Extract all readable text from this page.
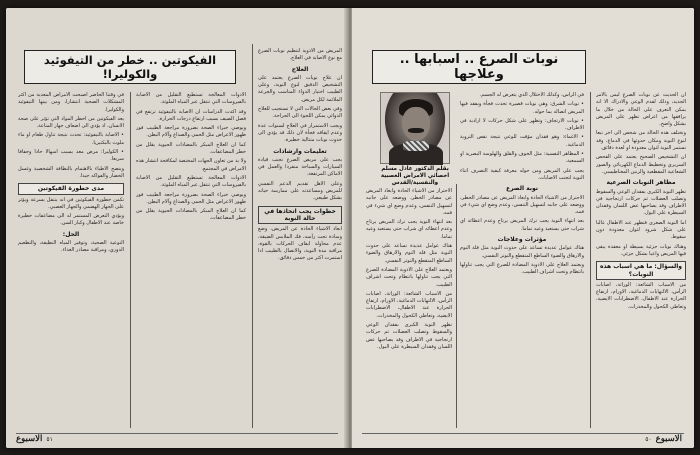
الفيكوتين .. خطر من التيفوئيد والكوليرا!

المريض من الادوية لتنظيم نوبات الصرع مع نوع الاصابة في العلاج.

العلاج

ان علاج نوبات الصرع يعتمد على التشخيص الدقيق لنوع النوبة، وعلى الطبيب اختيار الدواء المناسب والجرعة الملائمة لكل مريض.

وفي بعض الحالات التي لا تستجيب للعلاج الدوائي يمكن اللجوء الى الجراحة.

ويجب الاستمرار في العلاج لسنوات عدة وعدم ايقافه فجأة لان ذلك قد يؤدي الى حدوث نوبات متتالية خطيرة.

تعليمات وارشادات

يجب على مريض الصرع تجنب قيادة السيارات والسباحة منفردا والعمل في الاماكن المرتفعة.

وعلى الاهل تقديم الدعم النفسي للمريض ومساعدته على ممارسة حياته بشكل طبيعي.

خطوات يجب اتخاذها في حالة النوبة

ابعاد الاشياء الحادة عن المريض، وضع وسادة تحت رأسه، فك الملابس الضيقة، عدم محاولة ايقاف الحركات بالقوة، مراقبة مدة النوبة، والاتصال بالطبيب اذا استمرت اكثر من خمس دقائق.

الادوات المعالجة تستطيع التقليل من الاصابة بالفيروسات التي تنتقل عبر المياه الملوثة.

وقد اكدت الدراسات ان الاصابة بالتيفوئيد ترتفع في فصل الصيف بسبب ارتفاع درجات الحرارة.

ويوصي خبراء الصحة بضرورة مراجعة الطبيب فور ظهور الاعراض مثل الحمى والصداع وآلام البطن.

كما ان العلاج المبكر بالمضادات الحيوية يقلل من خطر المضاعفات.

ولا بد من تعاون الجهات المختصة لمكافحة انتشار هذه الامراض في المجتمع.

الادوات المعالجة تستطيع التقليل من الاصابة بالفيروسات التي تنتقل عبر المياه الملوثة.

ويوصي خبراء الصحة بضرورة مراجعة الطبيب فور ظهور الاعراض مثل الحمى والصداع وآلام البطن.

كما ان العلاج المبكر بالمضادات الحيوية يقلل من خطر المضاعفات.

في وقتنا الحاضر اصبحت الامراض المعدية من اكثر المشكلات الصحية انتشارا، ومن بينها التيفوئيد والكوليرا.

يعد الفيكوتين من اخطر المواد التي تؤثر على صحة الانسان، اذ يؤدي الى اضعاف جهاز المناعة.

• الاصابة بالتيفوئيد: تحدث نتيجة تناول طعام او ماء ملوث بالبكتيريا.

• الكوليرا: مرض معد يسبب اسهالا حادا وجفافا سريعا.

وينصح الاطباء بالاهتمام بالنظافة الشخصية وغسل الخضار والفواكه جيدا.

مدى خطورة الفيكوتين

تكمن خطورة الفيكوتين في انه ينتقل بسرعة ويؤثر على الجهاز الهضمي والجهاز العصبي.

ويؤدي التعرض المستمر له الى مضاعفات خطيرة خاصة عند الاطفال وكبار السن.

الحل:

التوعية الصحية، وتوفير المياه النظيفة، والتطعيم الدوري، ومراقبة مصادر الغذاء.

٥١
الاسبوع
نوبات الصرع .. اسبابها .. وعلاجها
بقلم الدكتور عادل مسلم اخصائي الامراض العصبية والنفسية/القدس

ان الحديث عن نوبات الصرع ليس بالأمر الجديد، وذلك لقدم الوعي والادراك الا انه يمكن التعرف على الحالة من خلال ما يرافقها من اعراض تظهر على المريض بشكل واضح.

وتختلف هذه الحالة من شخص الى اخر تبعا لنوع النوبة ومكان حدوثها في الدماغ، وقد تستمر النوبة لثوان معدودة او لعدة دقائق.

ان التشخيص الصحيح يعتمد على الفحص السريري وتخطيط الدماغ الكهربائي والصور الشعاعية المقطعية والرنين المغناطيسي.

مظاهر النوبات الصرعية

تظهر النوبة الكبرى بفقدان الوعي والسقوط وتصلب العضلات ثم حركات ارتجاجية في الاطراف وقد يصاحبها عض اللسان وفقدان السيطرة على البول.

اما النوبة الصغرى فتظهر عند الاطفال غالبا على شكل شرود لثوان معدودة دون سقوط.

وهناك نوبات جزئية بسيطة او معقدة يبقى فيها المريض واعيا بشكل جزئي.

والسؤال: ما هي اسباب هذه النوبات؟

من الاسباب الشائعة: الوراثة، اصابات الرأس، الالتهابات الدماغية، الاورام، ارتفاع الحرارة عند الاطفال، الاضطرابات الايضية، وتعاطي الكحول والمخدرات.

في الرأس، وكذلك الاختلال الذي يتعرض له الجسم.

• نوبات الشرق: وهي نوبات قصيرة تحدث فجأة ويفقد فيها المريض اتصاله بما حوله.

• نوبات الارتجاف: وتظهر على شكل حركات لا ارادية في الاطراف.

• الاغماء: وهو فقدان مؤقت للوعي نتيجة نقص التروية الدماغية.

• المظاهر النفسية: مثل الخوف والقلق والهلوسة البصرية او السمعية.

يجب على المريض ومن حوله معرفة كيفية التصرف اثناء النوبة لتجنب الاصابات.

نوبة الصرع

الاحتراز من الاشياء الحادة وابعاد المريض عن مصادر الخطر، ووضعه على جانبه لتسهيل التنفس، وعدم وضع اي شيء في فمه.

بعد انتهاء النوبة يجب ترك المريض يرتاح وعدم اعطائه اي شراب حتى يستعيد وعيه تماما.

مؤثرات وعلاجات

هناك عوامل عديدة تساعد على حدوث النوبة مثل قلة النوم والارهاق والضوء الساطع المتقطع والتوتر النفسي.

ويعتمد العلاج على الادوية المضادة للصرع التي يجب تناولها بانتظام وتحت اشراف الطبيب.

الاحتراز من الاشياء الحادة وابعاد المريض عن مصادر الخطر، ووضعه على جانبه لتسهيل التنفس، وعدم وضع اي شيء في فمه.

بعد انتهاء النوبة يجب ترك المريض يرتاح وعدم اعطائه اي شراب حتى يستعيد وعيه تماما.

هناك عوامل عديدة تساعد على حدوث النوبة مثل قلة النوم والارهاق والضوء الساطع المتقطع والتوتر النفسي.

ويعتمد العلاج على الادوية المضادة للصرع التي يجب تناولها بانتظام وتحت اشراف الطبيب.

من الاسباب الشائعة: الوراثة، اصابات الرأس، الالتهابات الدماغية، الاورام، ارتفاع الحرارة عند الاطفال، الاضطرابات الايضية، وتعاطي الكحول والمخدرات.

تظهر النوبة الكبرى بفقدان الوعي والسقوط وتصلب العضلات ثم حركات ارتجاجية في الاطراف وقد يصاحبها عض اللسان وفقدان السيطرة على البول.

الاسبوع
٥٠
